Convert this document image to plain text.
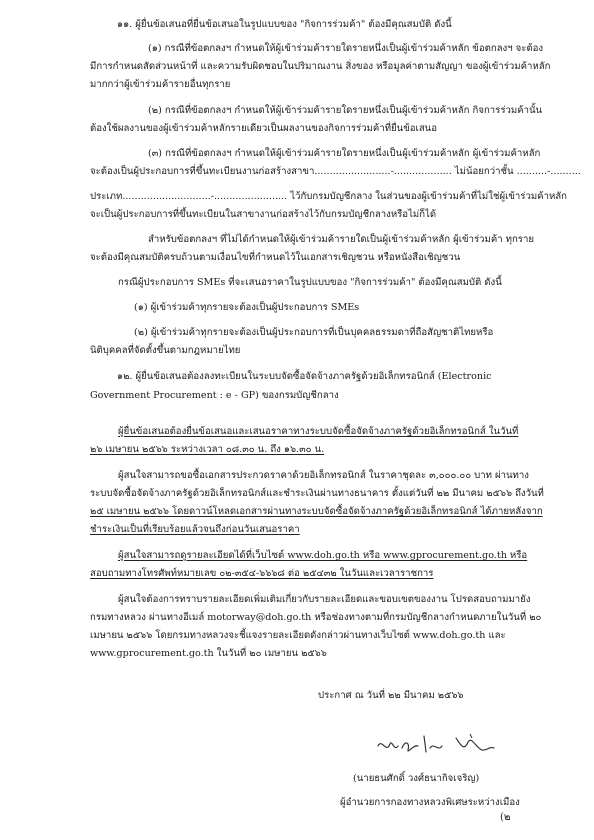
๑๑. ผู้ยื่นข้อเสนอที่ยื่นข้อเสนอในรูปแบบของ "กิจการร่วมค้า" ต้องมีคุณสมบัติ ดังนี้
(๑) กรณีที่ข้อตกลงฯ กำหนดให้ผู้เข้าร่วมค้ารายใดรายหนึ่งเป็นผู้เข้าร่วมค้าหลัก ข้อตกลงฯ จะต้อง
มีการกำหนดสัดส่วนหน้าที่ และความรับผิดชอบในปริมาณงาน สิ่งของ หรือมูลค่าตามสัญญา ของผู้เข้าร่วมค้าหลัก
มากกว่าผู้เข้าร่วมค้ารายอื่นทุกราย
(๒) กรณีที่ข้อตกลงฯ กำหนดให้ผู้เข้าร่วมค้ารายใดรายหนึ่งเป็นผู้เข้าร่วมค้าหลัก กิจการร่วมค้านั้น
ต้องใช้ผลงานของผู้เข้าร่วมค้าหลักรายเดียวเป็นผลงานของกิจการร่วมค้าที่ยื่นข้อเสนอ
(๓) กรณีที่ข้อตกลงฯ กำหนดให้ผู้เข้าร่วมค้ารายใดรายหนึ่งเป็นผู้เข้าร่วมค้าหลัก ผู้เข้าร่วมค้าหลัก
จะต้องเป็นผู้ประกอบการที่ขึ้นทะเบียนงานก่อสร้างสาขา.........................-................... ไม่น้อยกว่าชั้น ..........-..........
ประเภท.............................-........................ ไว้กับกรมบัญชีกลาง ในส่วนของผู้เข้าร่วมค้าที่ไม่ใช่ผู้เข้าร่วมค้าหลัก
จะเป็นผู้ประกอบการที่ขึ้นทะเบียนในสาขางานก่อสร้างไว้กับกรมบัญชีกลางหรือไม่ก็ได้
สำหรับข้อตกลงฯ ที่ไม่ได้กำหนดให้ผู้เข้าร่วมค้ารายใดเป็นผู้เข้าร่วมค้าหลัก ผู้เข้าร่วมค้า ทุกราย
จะต้องมีคุณสมบัติครบถ้วนตามเงื่อนไขที่กำหนดไว้ในเอกสารเชิญชวน หรือหนังสือเชิญชวน
กรณีผู้ประกอบการ SMEs ที่จะเสนอราคาในรูปแบบของ "กิจการร่วมค้า" ต้องมีคุณสมบัติ ดังนี้
(๑) ผู้เข้าร่วมค้าทุกรายจะต้องเป็นผู้ประกอบการ SMEs
(๒) ผู้เข้าร่วมค้าทุกรายจะต้องเป็นผู้ประกอบการที่เป็นบุคคลธรรมดาที่ถือสัญชาติไทยหรือ
นิติบุคคลที่จัดตั้งขึ้นตามกฎหมายไทย
๑๒. ผู้ยื่นข้อเสนอต้องลงทะเบียนในระบบจัดซื้อจัดจ้างภาครัฐด้วยอิเล็กทรอนิกส์ (Electronic
Government Procurement : e - GP) ของกรมบัญชีกลาง
ผู้ยื่นข้อเสนอต้องยื่นข้อเสนอและเสนอราคาทางระบบจัดซื้อจัดจ้างภาครัฐด้วยอิเล็กทรอนิกส์ ในวันที่
๒๖ เมษายน ๒๕๖๖ ระหว่างเวลา ๐๘.๓๐ น. ถึง ๑๖.๓๐ น.
ผู้สนใจสามารถขอซื้อเอกสารประกวดราคาด้วยอิเล็กทรอนิกส์ ในราคาชุดละ ๓,๐๐๐.๐๐ บาท ผ่านทาง
ระบบจัดซื้อจัดจ้างภาครัฐด้วยอิเล็กทรอนิกส์และชำระเงินผ่านทางธนาคาร ตั้งแต่วันที่ ๒๒ มีนาคม ๒๕๖๖ ถึงวันที่
๒๕ เมษายน ๒๕๖๖ โดยดาวน์โหลดเอกสารผ่านทางระบบจัดซื้อจัดจ้างภาครัฐด้วยอิเล็กทรอนิกส์ ได้ภายหลังจาก
ชำระเงินเป็นที่เรียบร้อยแล้วจนถึงก่อนวันเสนอราคา
ผู้สนใจสามารถดูรายละเอียดได้ที่เว็บไซต์ www.doh.go.th หรือ www.gprocurement.go.th หรือ
สอบถามทางโทรศัพท์หมายเลข ๐๒-๓๕๔-๖๖๖๘ ต่อ ๒๕๔๓๒ ในวันและเวลาราชการ
ผู้สนใจต้องการทราบรายละเอียดเพิ่มเติมเกี่ยวกับรายละเอียดและขอบเขตของงาน โปรดสอบถามมายัง
กรมทางหลวง ผ่านทางอีเมล์ motorway@doh.go.th หรือช่องทางตามที่กรมบัญชีกลางกำหนดภายในวันที่ ๒๐
เมษายน ๒๕๖๖ โดยกรมทางหลวงจะชี้แจงรายละเอียดดังกล่าวผ่านทางเว็บไซต์ www.doh.go.th และ
www.gprocurement.go.th ในวันที่ ๒๐ เมษายน ๒๕๖๖
ประกาศ ณ วันที่ ๒๒ มีนาคม ๒๕๖๖
(นายธนศักดิ์ วงศ์ธนากิจเจริญ)
ผู้อำนวยการกองทางหลวงพิเศษระหว่างเมือง
(๒
